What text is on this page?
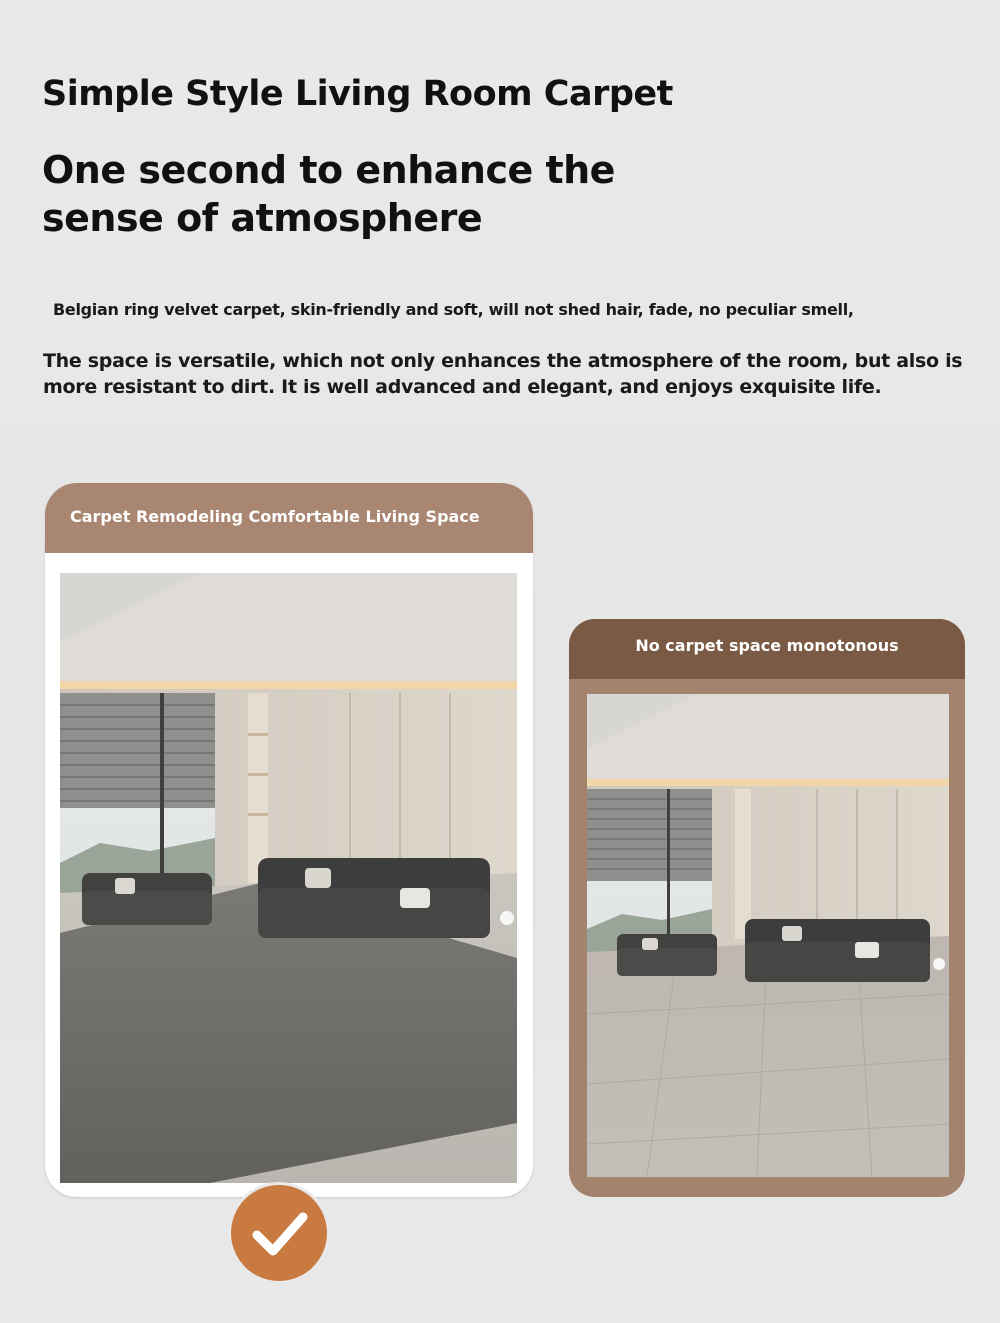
Simple Style Living Room Carpet
One second to enhance the sense of atmosphere

Belgian ring velvet carpet, skin-friendly and soft, will not shed hair, fade, no peculiar smell,

The space is versatile, which not only enhances the atmosphere of the room, but also is more resistant to dirt. It is well advanced and elegant, and enjoys exquisite life.

Carpet Remodeling Comfortable Living Space
No carpet space monotonous
